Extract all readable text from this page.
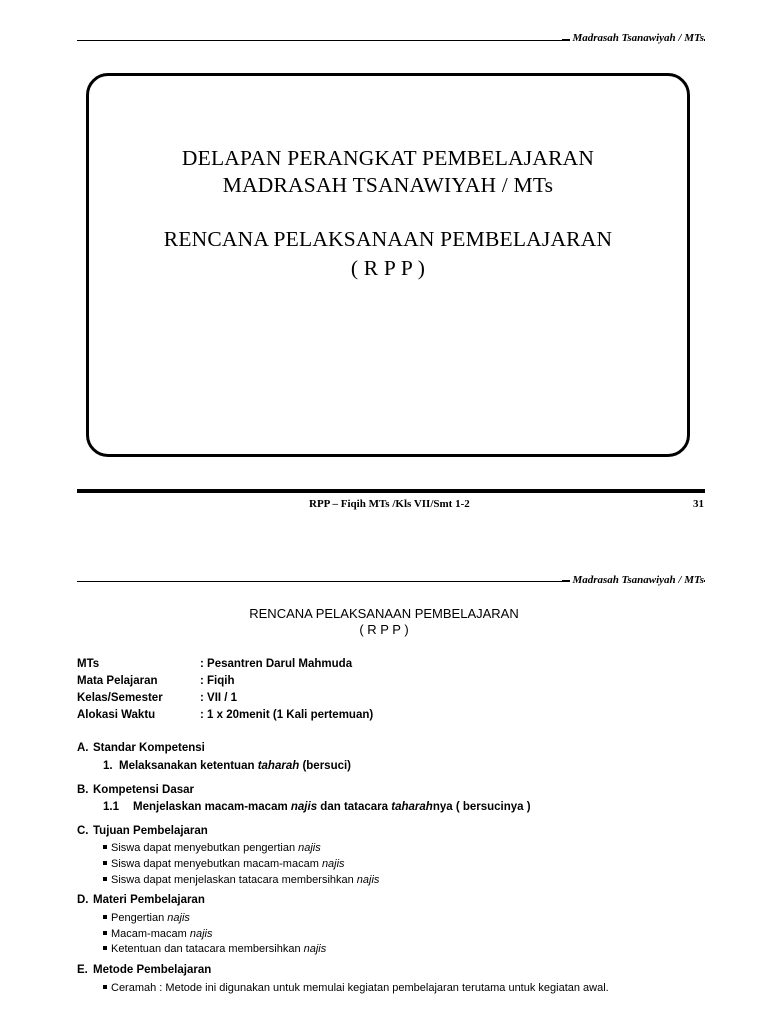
Madrasah Tsanawiyah / MTs
DELAPAN PERANGKAT PEMBELAJARAN
MADRASAH TSANAWIYAH / MTs
RENCANA PELAKSANAAN PEMBELAJARAN
( R P P )
RPP – Fiqih MTs /Kls VII/Smt 1-2	31
Madrasah Tsanawiyah / MTs
RENCANA PELAKSANAAN PEMBELAJARAN
( R P P )
MTs	: Pesantren Darul Mahmuda
Mata Pelajaran	: Fiqih
Kelas/Semester	: VII / 1
Alokasi Waktu	: 1 x 20menit (1 Kali pertemuan)
A. Standar Kompetensi
1. Melaksanakan ketentuan taharah (bersuci)
B. Kompetensi Dasar
1.1 Menjelaskan macam-macam najis dan tatacara taharahnya ( bersucinya )
C. Tujuan Pembelajaran
Siswa dapat menyebutkan pengertian najis
Siswa dapat menyebutkan macam-macam najis
Siswa dapat menjelaskan tatacara membersihkan najis
D. Materi Pembelajaran
Pengertian najis
Macam-macam najis
Ketentuan dan tatacara membersihkan najis
E. Metode Pembelajaran
Ceramah : Metode ini digunakan untuk memulai kegiatan pembelajaran terutama untuk kegiatan awal.
